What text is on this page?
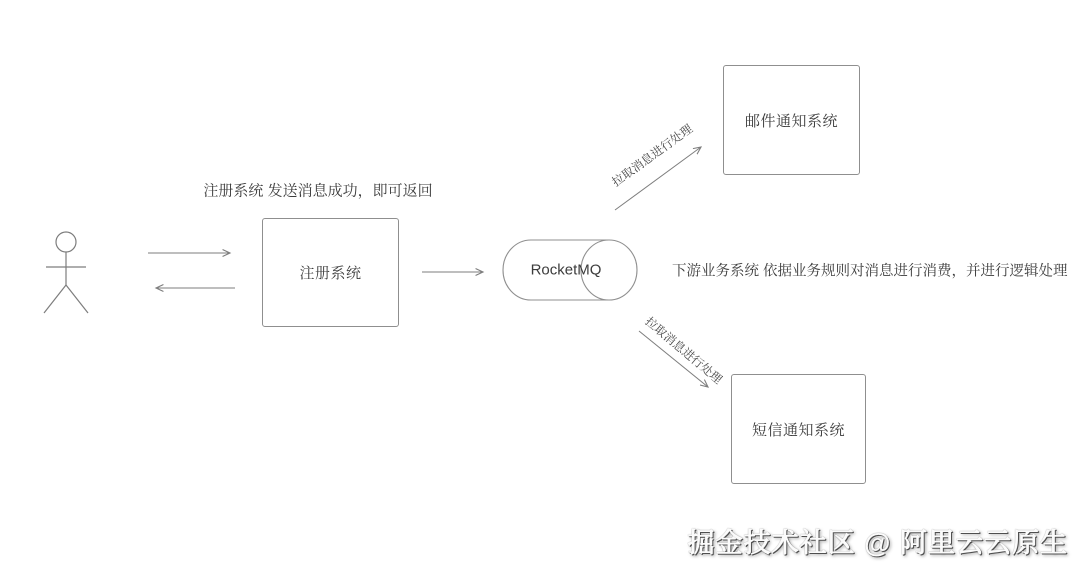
注册系统 发送消息成功，即可返回
注册系统	RocketMQ	下游业务系统 依据业务规则对消息进行消费，并进行逻辑处理
邮件通知系统
短信通知系统
拉取消息进行处理
拉取消息进行处理
掘金技术社区 @ 阿里云云原生
